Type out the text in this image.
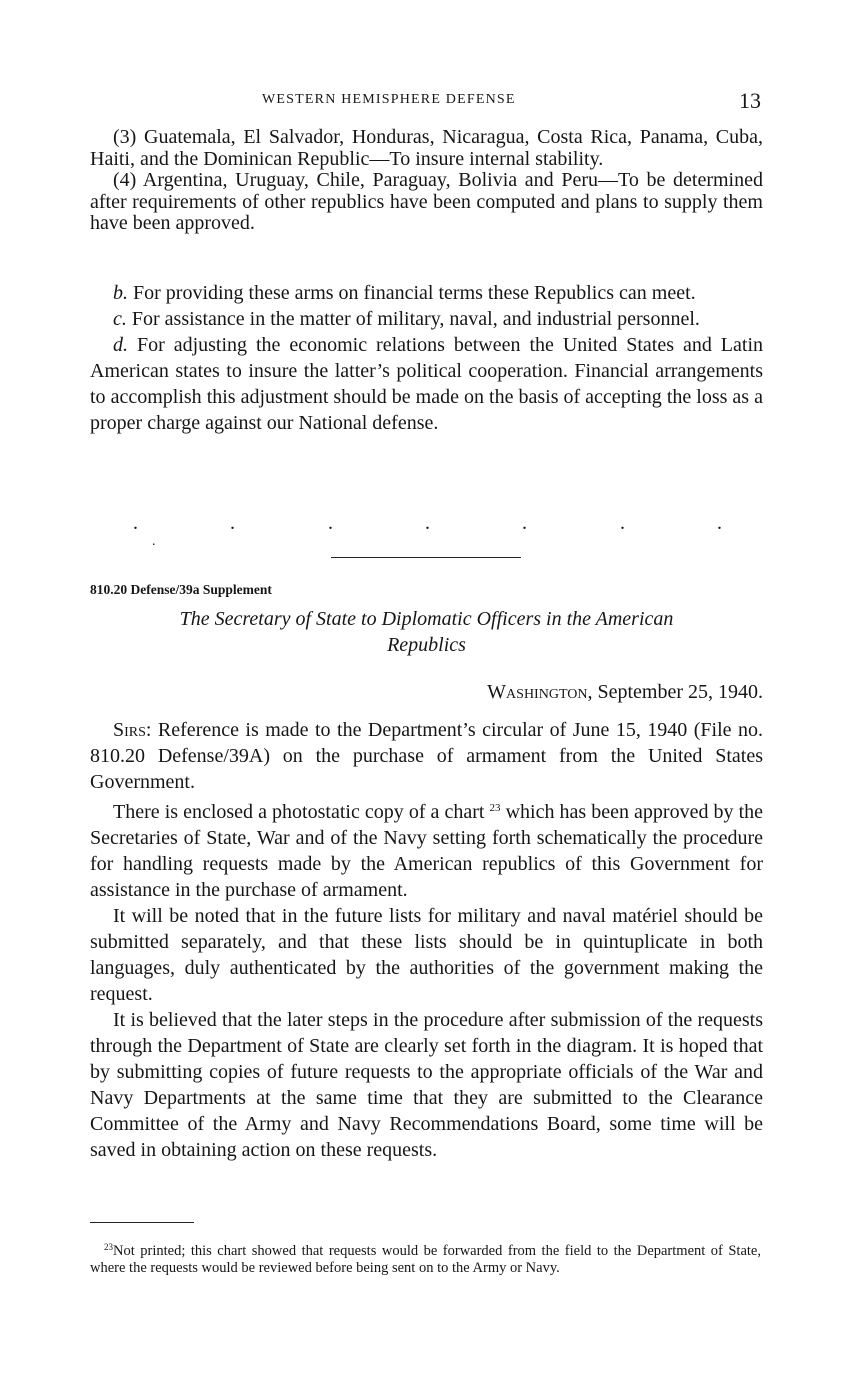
WESTERN HEMISPHERE DEFENSE	13

(3) Guatemala, El Salvador, Honduras, Nicaragua, Costa Rica, Panama, Cuba, Haiti, and the Dominican Republic—To insure internal stability.

(4) Argentina, Uruguay, Chile, Paraguay, Bolivia and Peru—To be determined after requirements of other republics have been computed and plans to supply them have been approved.

b. For providing these arms on financial terms these Republics can meet.

c. For assistance in the matter of military, naval, and industrial personnel.

d. For adjusting the economic relations between the United States and Latin American states to insure the latter’s political cooperation. Financial arrangements to accomplish this adjustment should be made on the basis of accepting the loss as a proper charge against our National defense.

.	.	.	.	.	.	.
.
810.20 Defense/39a Supplement
The Secretary of State to Diplomatic Officers in the American
Republics
Washington, September 25, 1940.

Sirs: Reference is made to the Department’s circular of June 15, 1940 (File no. 810.20 Defense/39A) on the purchase of armament from the United States Government.

There is enclosed a photostatic copy of a chart $^{23}$ which has been approved by the Secretaries of State, War and of the Navy setting forth schematically the procedure for handling requests made by the American republics of this Government for assistance in the purchase of armament.

It will be noted that in the future lists for military and naval matériel should be submitted separately, and that these lists should be in quintuplicate in both languages, duly authenticated by the authorities of the government making the request.

It is believed that the later steps in the procedure after submission of the requests through the Department of State are clearly set forth in the diagram. It is hoped that by submitting copies of future requests to the appropriate officials of the War and Navy Departments at the same time that they are submitted to the Clearance Committee of the Army and Navy Recommendations Board, some time will be saved in obtaining action on these requests.

$^{23}$Not printed; this chart showed that requests would be forwarded from the field to the Department of State, where the requests would be reviewed before being sent on to the Army or Navy.
